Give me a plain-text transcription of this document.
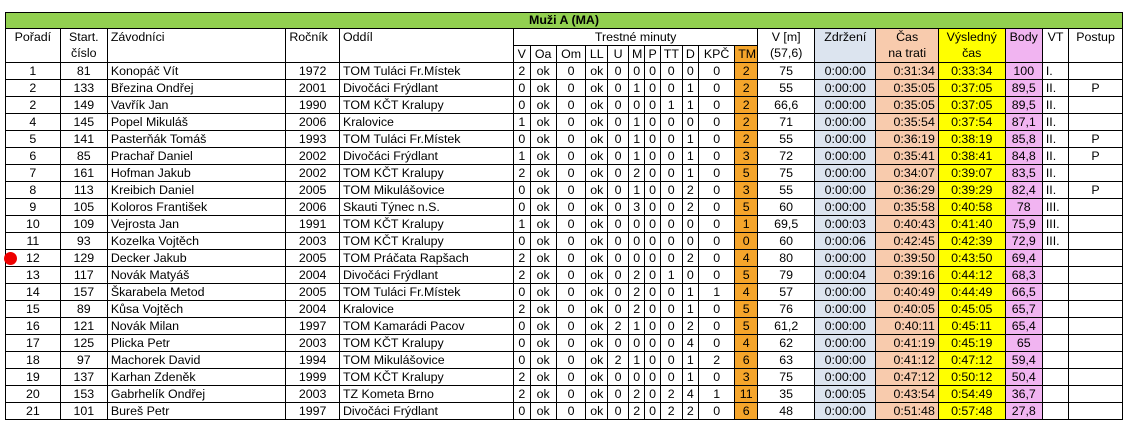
Muži A (MA)																						
Pořadí	Start.	Závodníci	Ročník	Oddíl	Trestné minuty											V [m]	Zdržení	Čas	Výsledný	Body	VT	Postup
	číslo				V	Oa	Om	LL	U	M	P	TT	D	KPČ	TM	(57,6)		na trati	čas			
1	81	Konopáč Vít	1972	TOM Tuláci Fr.Místek	2	ok	0	ok	0	0	0	0	0	0	2	75	0:00:00	0:31:34	0:33:34	100	I.	
2	133	Březina Ondřej	2001	Divočáci Frýdlant	0	ok	0	ok	0	1	0	0	1	0	2	55	0:00:00	0:35:05	0:37:05	89,5	II.	P
2	149	Vavřík Jan	1990	TOM KČT Kralupy	0	ok	0	ok	0	0	0	1	1	0	2	66,6	0:00:00	0:35:05	0:37:05	89,5	II.	
4	145	Popel Mikuláš	2006	Kralovice	1	ok	0	ok	0	1	0	0	0	0	2	71	0:00:00	0:35:54	0:37:54	87,1	II.	
5	141	Pasterňák Tomáš	1993	TOM Tuláci Fr.Místek	0	ok	0	ok	0	1	0	0	1	0	2	55	0:00:00	0:36:19	0:38:19	85,8	II.	P
6	85	Prachař Daniel	2002	Divočáci Frýdlant	1	ok	0	ok	0	1	0	0	1	0	3	72	0:00:00	0:35:41	0:38:41	84,8	II.	P
7	161	Hofman Jakub	2002	TOM KČT Kralupy	2	ok	0	ok	0	2	0	0	1	0	5	75	0:00:00	0:34:07	0:39:07	83,5	II.	
8	113	Kreibich Daniel	2005	TOM Mikulášovice	0	ok	0	ok	0	1	0	0	2	0	3	55	0:00:00	0:36:29	0:39:29	82,4	II.	P
9	105	Koloros František	2006	Skauti Týnec n.S.	0	ok	0	ok	0	3	0	0	2	0	5	60	0:00:00	0:35:58	0:40:58	78	III.	
10	109	Vejrosta Jan	1991	TOM KČT Kralupy	1	ok	0	ok	0	0	0	0	0	0	1	69,5	0:00:03	0:40:43	0:41:40	75,9	III.	
11	93	Kozelka Vojtěch	2003	TOM KČT Kralupy	0	ok	0	ok	0	0	0	0	0	0	0	60	0:00:06	0:42:45	0:42:39	72,9	III.	
12	129	Decker Jakub	2005	TOM Práčata Rapšach	2	ok	0	ok	0	0	0	0	2	0	4	80	0:00:00	0:39:50	0:43:50	69,4		
13	117	Novák Matyáš	2004	Divočáci Frýdlant	2	ok	0	ok	0	2	0	1	0	0	5	79	0:00:04	0:39:16	0:44:12	68,3		
14	157	Škarabela Metod	2005	TOM Tuláci Fr.Místek	0	ok	0	ok	0	2	0	0	1	1	4	57	0:00:00	0:40:49	0:44:49	66,5		
15	89	Kůsa Vojtěch	2004	Kralovice	2	ok	0	ok	0	2	0	0	1	0	5	76	0:00:00	0:40:05	0:45:05	65,7		
16	121	Novák Milan	1997	TOM Kamarádi Pacov	0	ok	0	ok	2	1	0	0	2	0	5	61,2	0:00:00	0:40:11	0:45:11	65,4		
17	125	Plicka Petr	2003	TOM KČT Kralupy	0	ok	0	ok	0	0	0	0	4	0	4	62	0:00:00	0:41:19	0:45:19	65		
18	97	Machorek David	1994	TOM Mikulášovice	0	ok	0	ok	2	1	0	0	1	2	6	63	0:00:00	0:41:12	0:47:12	59,4		
19	137	Karhan Zdeněk	1999	TOM KČT Kralupy	2	ok	0	ok	0	0	0	0	1	0	3	75	0:00:00	0:47:12	0:50:12	50,4		
20	153	Gabrhelík Ondřej	2003	TZ Kometa Brno	2	ok	0	ok	0	2	0	2	4	1	11	35	0:00:05	0:43:54	0:54:49	36,7		
21	101	Bureš Petr	1997	Divočáci Frýdlant	0	ok	0	ok	0	2	0	2	2	0	6	48	0:00:00	0:51:48	0:57:48	27,8		
